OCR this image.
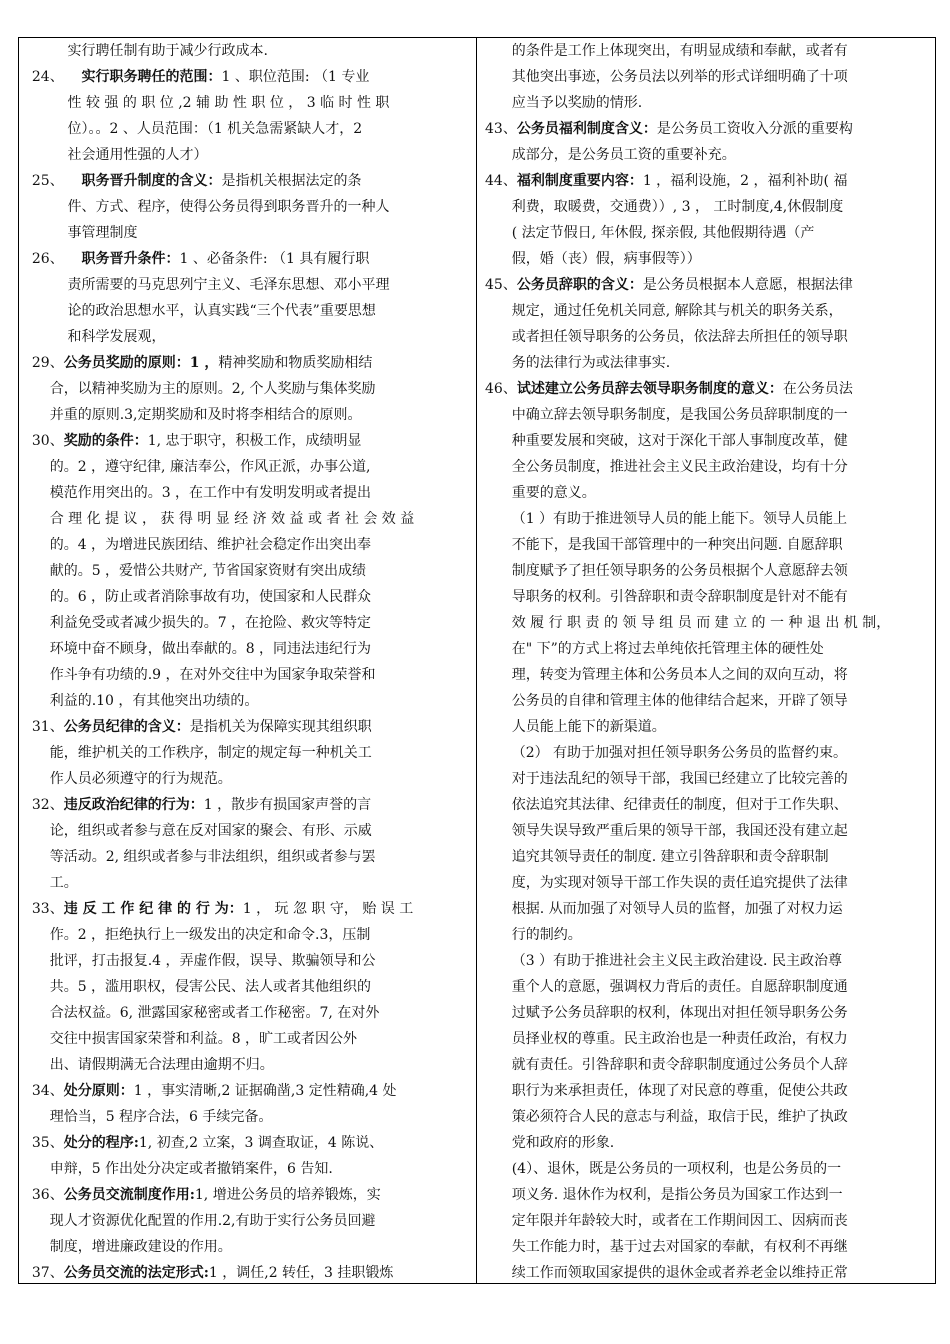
实行聘任制有助于减少行政成本.
24、    实行职务聘任的范围：1 、职位范围: （1 专业
性 较 强 的 职 位 ,2 辅 助 性 职 位 ， 3 临 时 性 职
位）。。2 、人员范围：（1 机关急需紧缺人才，2
社会通用性强的人才）
25、    职务晋升制度的含义：是指机关根据法定的条
件、方式、程序，使得公务员得到职务晋升的一种人
事管理制度
26、    职务晋升条件：1 、必备条件: （1 具有履行职
责所需要的马克思列宁主义、毛泽东思想、邓小平理
论的政治思想水平，认真实践“三个代表”重要思想
和科学发展观，
29、公务员奖励的原则：1 ，精神奖励和物质奖励相结
合，以精神奖励为主的原则。2, 个人奖励与集体奖励
并重的原则.3,定期奖励和及时将李相结合的原则。
30、奖励的条件：1, 忠于职守，积极工作，成绩明显
的。2 ，遵守纪律, 廉洁奉公，作风正派，办事公道,
模范作用突出的。3 ，在工作中有发明发明或者提出
合 理 化 提 议 ， 获 得 明 显 经 济 效 益 或 者 社 会 效 益
的。4 ，为增进民族团结、维护社会稳定作出突出奉
献的。5 ，爱惜公共财产, 节省国家资财有突出成绩
的。6 ，防止或者消除事故有功，使国家和人民群众
利益免受或者减少损失的。7 ，在抢险、救灾等特定
环境中奋不顾身，做出奉献的。8 ，同违法违纪行为
作斗争有功绩的.9 ，在对外交往中为国家争取荣誉和
利益的.10 ，有其他突出功绩的。
31、公务员纪律的含义：是指机关为保障实现其组织职
能，维护机关的工作秩序，制定的规定每一种机关工
作人员必须遵守的行为规范。
32、违反政治纪律的行为：1 ，散步有损国家声誉的言
论，组织或者参与意在反对国家的聚会、有形、示威
等活动。2, 组织或者参与非法组织，组织或者参与罢
工。
33、违 反 工 作 纪 律 的 行 为：1 ， 玩 忽 职 守， 贻 误 工
作。2 ，拒绝执行上一级发出的决定和命令.3，压制
批评，打击报复.4 ，弄虚作假，误导、欺骗领导和公
共。5 ，滥用职权，侵害公民、法人或者其他组织的
合法权益。6, 泄露国家秘密或者工作秘密。7, 在对外
交往中损害国家荣誉和利益。8 ，旷工或者因公外
出、请假期满无合法理由逾期不归。
34、处分原则：1 ，事实清晰,2 证据确凿,3 定性精确,4 处
理恰当，5 程序合法，6 手续完备。
35、处分的程序:1, 初查,2 立案，3 调查取证，4 陈说、
申辩，5 作出处分决定或者撤销案件，6 告知.
36、公务员交流制度作用:1, 增进公务员的培养锻炼，实
现人才资源优化配置的作用.2,有助于实行公务员回避
制度，增进廉政建设的作用。
37、公务员交流的法定形式:1 ，调任,2 转任，3 挂职锻炼
的条件是工作上体现突出，有明显成绩和奉献，或者有
其他突出事迹，公务员法以列举的形式详细明确了十项
应当予以奖励的情形.
43、公务员福利制度含义：是公务员工资收入分派的重要构
成部分，是公务员工资的重要补充。
44、福利制度重要内容：1 ，福利设施，2 ，福利补助( 福
利费，取暖费，交通费））, 3 ， 工时制度,4,休假制度
( 法定节假日, 年休假, 探亲假, 其他假期待遇（产
假，婚（丧）假，病事假等））
45、公务员辞职的含义：是公务员根据本人意愿，根据法律
规定，通过任免机关同意, 解除其与机关的职务关系，
或者担任领导职务的公务员，依法辞去所担任的领导职
务的法律行为或法律事实.
46、试述建立公务员辞去领导职务制度的意义：在公务员法
中确立辞去领导职务制度，是我国公务员辞职制度的一
种重要发展和突破，这对于深化干部人事制度改革，健
全公务员制度，推进社会主义民主政治建设，均有十分
重要的意义。
（1 ）有助于推进领导人员的能上能下。领导人员能上
不能下，是我国干部管理中的一种突出问题. 自愿辞职
制度赋予了担任领导职务的公务员根据个人意愿辞去领
导职务的权利。引咎辞职和责令辞职制度是针对不能有
效 履 行 职 责 的 领 导 组 员 而 建 立 的 一 种 退 出 机 制，
在" 下”的方式上将过去单纯依托管理主体的硬性处
理，转变为管理主体和公务员本人之间的双向互动，将
公务员的自律和管理主体的他律结合起来，开辟了领导
人员能上能下的新渠道。
（2） 有助于加强对担任领导职务公务员的监督约束。
对于违法乱纪的领导干部，我国已经建立了比较完善的
依法追究其法律、纪律责任的制度，但对于工作失职、
领导失误导致严重后果的领导干部，我国还没有建立起
追究其领导责任的制度. 建立引咎辞职和责令辞职制
度，为实现对领导干部工作失误的责任追究提供了法律
根据. 从而加强了对领导人员的监督，加强了对权力运
行的制约。
（3 ）有助于推进社会主义民主政治建设. 民主政治尊
重个人的意愿，强调权力背后的责任。自愿辞职制度通
过赋予公务员辞职的权利，体现出对担任领导职务公务
员择业权的尊重。民主政治也是一种责任政治，有权力
就有责任。引咎辞职和责令辞职制度通过公务员个人辞
职行为来承担责任，体现了对民意的尊重，促使公共政
策必须符合人民的意志与利益，取信于民，维护了执政
党和政府的形象.
(4）、退休，既是公务员的一项权利，也是公务员的一
项义务. 退休作为权利，是指公务员为国家工作达到一
定年限并年龄较大时，或者在工作期间因工、因病而丧
失工作能力时，基于过去对国家的奉献，有权利不再继
续工作而领取国家提供的退休金或者养老金以维持正常
